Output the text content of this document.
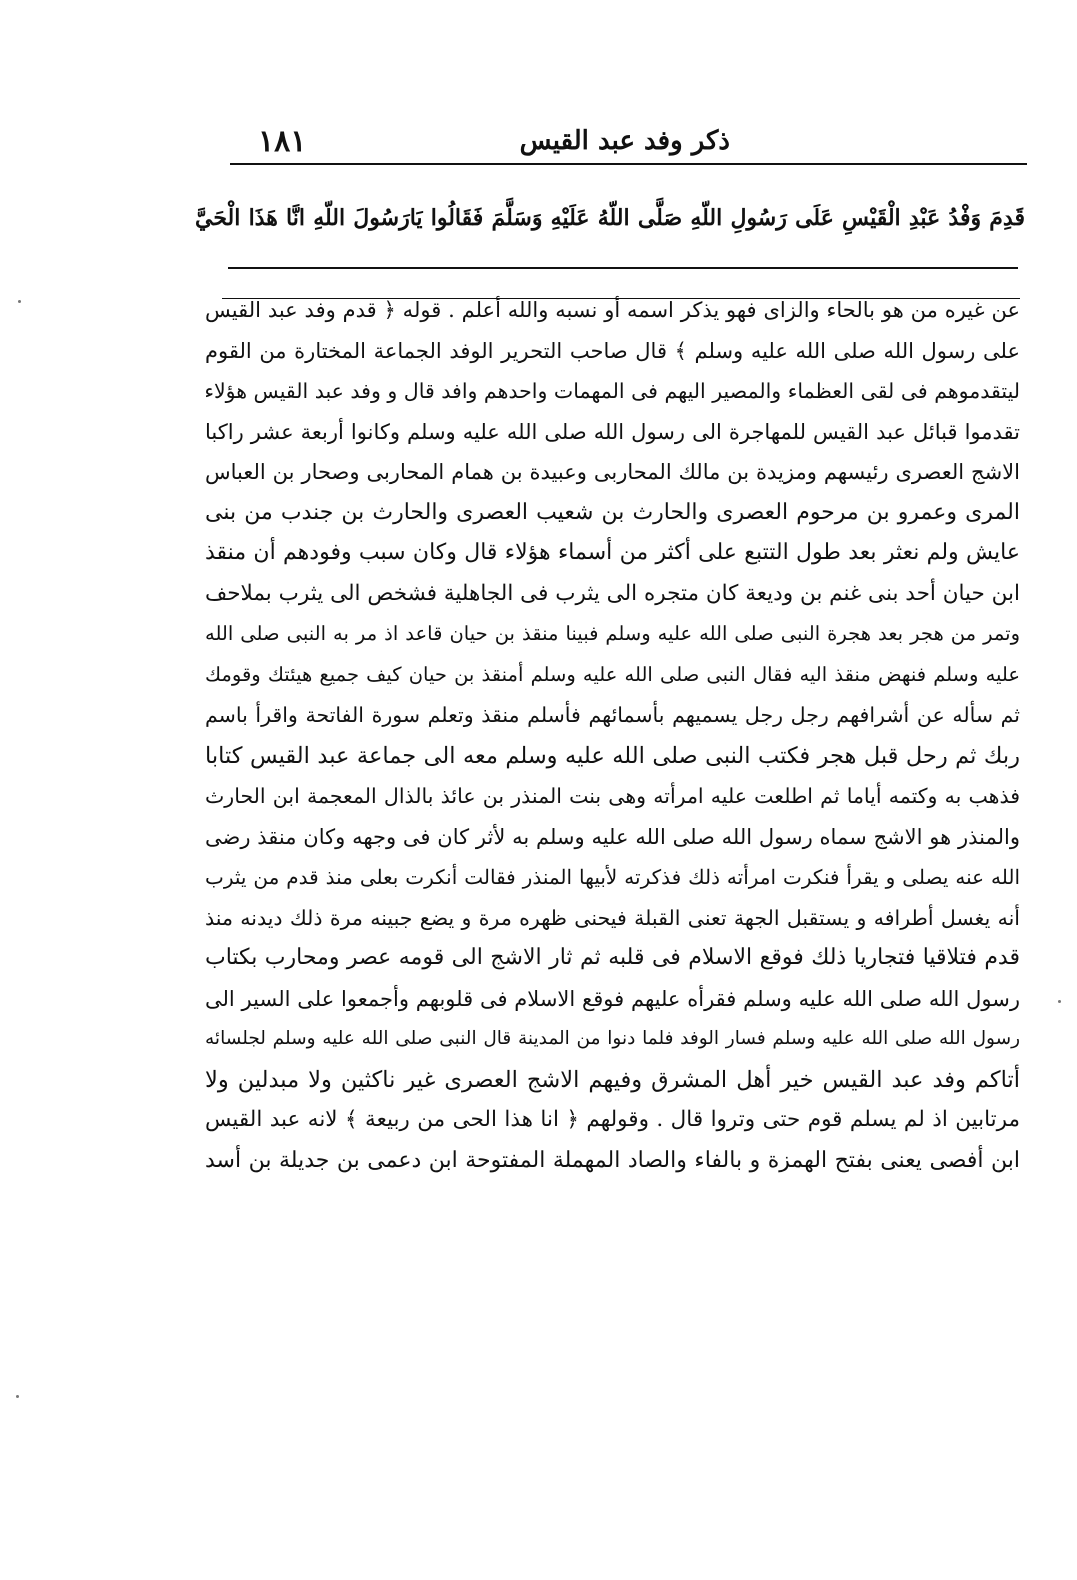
١٨١	ذكر وفد عبد القيس
قَدِمَ وَفْدُ عَبْدِ الْقَيْسِ عَلَى رَسُولِ اللّهِ صَلَّى اللّهُ عَلَيْهِ وَسَلَّمَ فَقَالُوا يَارَسُولَ اللّهِ انَّا هَذَا الْحَيَّ
عن غيره من هو بالحاء والزاى فهو يذكر اسمه أو نسبه والله أعلم . قوله ﴿ قدم وفد عبد القيس
على رسول الله صلى الله عليه وسلم ﴾ قال صاحب التحرير الوفد الجماعة المختارة من القوم
ليتقدموهم فى لقى العظماء والمصير اليهم فى المهمات واحدهم وافد قال و وفد عبد القيس هؤلاء
تقدموا قبائل عبد القيس للمهاجرة الى رسول الله صلى الله عليه وسلم وكانوا أربعة عشر راكبا
الاشج العصرى رئيسهم ومزيدة بن مالك المحاربى وعبيدة بن همام المحاربى وصحار بن العباس
المرى وعمرو بن مرحوم العصرى والحارث بن شعيب العصرى والحارث بن جندب من بنى
عايش ولم نعثر بعد طول التتبع على أكثر من أسماء هؤلاء قال وكان سبب وفودهم أن منقذ
ابن حيان أحد بنى غنم بن وديعة كان متجره الى يثرب فى الجاهلية فشخص الى يثرب بملاحف
وتمر من هجر بعد هجرة النبى صلى الله عليه وسلم فبينا منقذ بن حيان قاعد اذ مر به النبى صلى الله
عليه وسلم فنهض منقذ اليه فقال النبى صلى الله عليه وسلم أمنقذ بن حيان كيف جميع هيئتك وقومك
ثم سأله عن أشرافهم رجل رجل يسميهم بأسمائهم فأسلم منقذ وتعلم سورة الفاتحة واقرأ باسم
ربك ثم رحل قبل هجر فكتب النبى صلى الله عليه وسلم معه الى جماعة عبد القيس كتابا
فذهب به وكتمه أياما ثم اطلعت عليه امرأته وهى بنت المنذر بن عائذ بالذال المعجمة ابن الحارث
والمنذر هو الاشج سماه رسول الله صلى الله عليه وسلم به لأثر كان فى وجهه وكان منقذ رضى
الله عنه يصلى و يقرأ فنكرت امرأته ذلك فذكرته لأبيها المنذر فقالت أنكرت بعلى منذ قدم من يثرب
أنه يغسل أطرافه و يستقبل الجهة تعنى القبلة فيحنى ظهره مرة و يضع جبينه مرة ذلك ديدنه منذ
قدم فتلاقيا فتجاريا ذلك فوقع الاسلام فى قلبه ثم ثار الاشج الى قومه عصر ومحارب بكتاب
رسول الله صلى الله عليه وسلم فقرأه عليهم فوقع الاسلام فى قلوبهم وأجمعوا على السير الى
رسول الله صلى الله عليه وسلم فسار الوفد فلما دنوا من المدينة قال النبى صلى الله عليه وسلم لجلسائه
أتاكم وفد عبد القيس خير أهل المشرق وفيهم الاشج العصرى غير ناكثين ولا مبدلين ولا
مرتابين اذ لم يسلم قوم حتى وتروا قال . وقولهم ﴿ انا هذا الحى من ربيعة ﴾ لانه عبد القيس
ابن أفصى يعنى بفتح الهمزة و بالفاء والصاد المهملة المفتوحة ابن دعمى بن جديلة بن أسد
